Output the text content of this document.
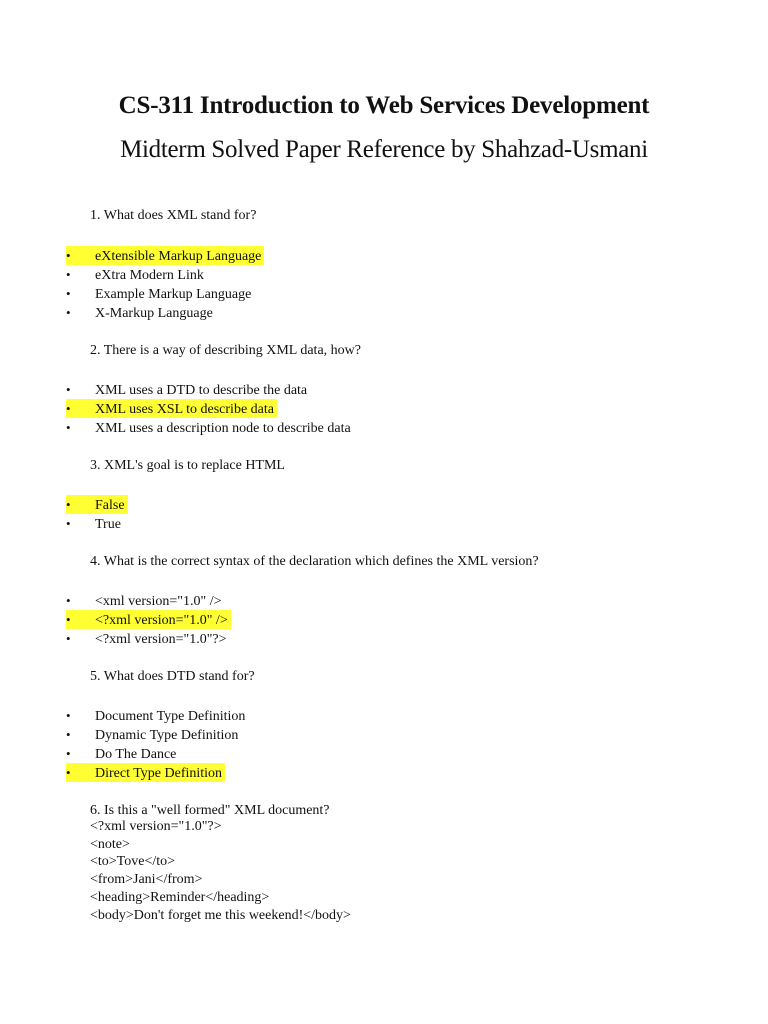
CS-311 Introduction to Web Services Development
Midterm Solved Paper Reference by Shahzad-Usmani
1. What does XML stand for?
• eXtensible Markup Language
• eXtra Modern Link
• Example Markup Language
• X-Markup Language
2. There is a way of describing XML data, how?
• XML uses a DTD to describe the data
• XML uses XSL to describe data
• XML uses a description node to describe data
3. XML's goal is to replace HTML
• False
• True
4. What is the correct syntax of the declaration which defines the XML version?
• <xml version="1.0" />
• <?xml version="1.0" />
• <?xml version="1.0"?>
5. What does DTD stand for?
• Document Type Definition
• Dynamic Type Definition
• Do The Dance
• Direct Type Definition
6. Is this a "well formed" XML document?
<?xml version="1.0"?>
<note>
<to>Tove</to>
<from>Jani</from>
<heading>Reminder</heading>
<body>Don't forget me this weekend!</body>
